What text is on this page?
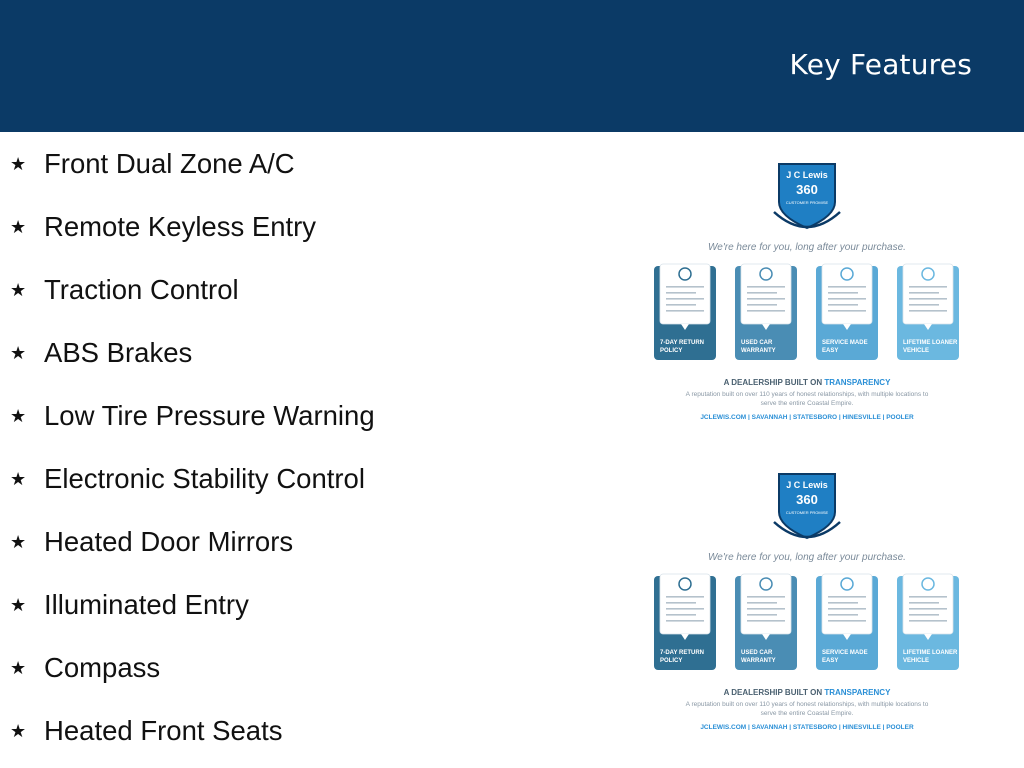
Key Features
★ Front Dual Zone A/C
★ Remote Keyless Entry
★ Traction Control
★ ABS Brakes
★ Low Tire Pressure Warning
★ Electronic Stability Control
★ Heated Door Mirrors
★ Illuminated Entry
★ Compass
★ Heated Front Seats
J C Lewis
360
CUSTOMER PROMISE
We're here for you, long after your purchase.
7-DAY RETURN
POLICY
USED CAR
WARRANTY
SERVICE MADE
EASY
LIFETIME LOANER
VEHICLE
A DEALERSHIP BUILT ON TRANSPARENCY
A reputation built on over 110 years of honest relationships, with multiple locations to
serve the entire Coastal Empire.
JCLEWIS.COM | SAVANNAH | STATESBORO | HINESVILLE | POOLER
J C Lewis
360
CUSTOMER PROMISE
We're here for you, long after your purchase.
7-DAY RETURN
POLICY
USED CAR
WARRANTY
SERVICE MADE
EASY
LIFETIME LOANER
VEHICLE
A DEALERSHIP BUILT ON TRANSPARENCY
A reputation built on over 110 years of honest relationships, with multiple locations to
serve the entire Coastal Empire.
JCLEWIS.COM | SAVANNAH | STATESBORO | HINESVILLE | POOLER
